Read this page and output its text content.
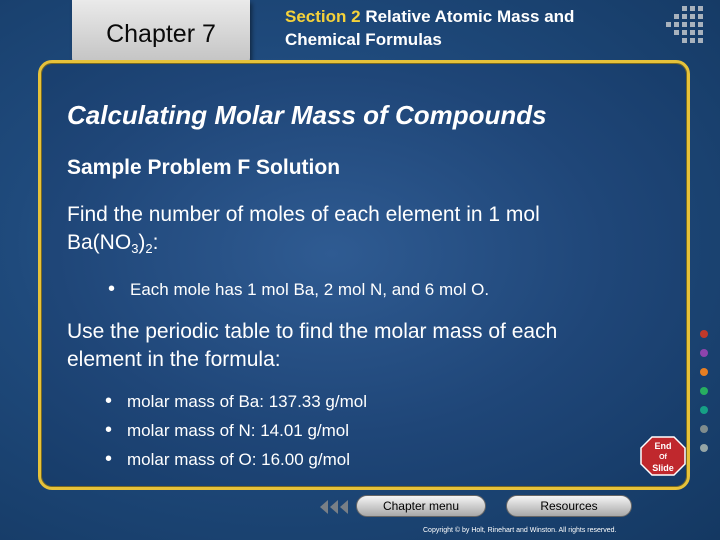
Chapter 7
Section 2 Relative Atomic Mass and
Chemical Formulas
Calculating Molar Mass of Compounds
Sample Problem F Solution
Find the number of moles of each element in 1 mol
$Ba(NO_3)_2$:
• Each mole has 1 mol Ba, 2 mol N, and 6 mol O.
Use the periodic table to find the molar mass of each
element in the formula:
• molar mass of Ba: 137.33 g/mol
• molar mass of N: 14.01 g/mol
• molar mass of O: 16.00 g/mol
End
Of
Slide
Chapter menu	Resources
Copyright © by Holt, Rinehart and Winston. All rights reserved.
